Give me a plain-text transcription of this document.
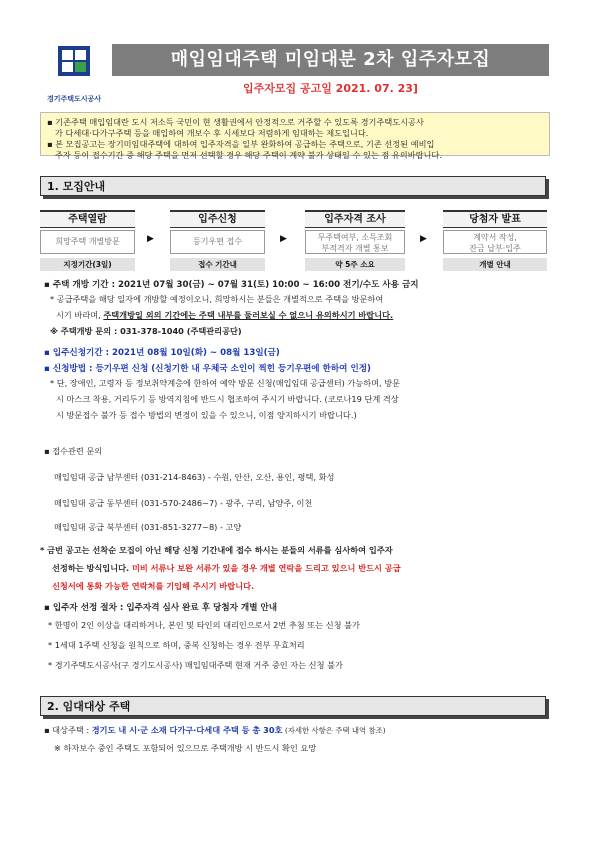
경기주택도시공사
매입임대주택 미임대분 2차 입주자모집
입주자모집 공고일 2021. 07. 23]
▪ 기존주택 매입임대란 도시 저소득 국민이 현 생활권에서 안정적으로 거주할 수 있도록 경기주택도시공사
가 다세대·다가구주택 등을 매입하여 개보수 후 시세보다 저렴하게 임대하는 제도입니다.
▪ 본 모집공고는 장기미임대주택에 대하여 입주자격을 일부 완화하여 공급하는 주택으로, 기존 선정된 예비입
주자 등이 접수기간 중 해당 주택을 먼저 선택할 경우 해당 주택이 계약 불가 상태일 수 있는 점 유의바랍니다.
1. 모집안내
주택열람
희망주택 개별방문
지정기간(3일)
▶
입주신청
등기우편 접수
접수 기간내
▶
입주자격 조사
무주택여부, 소득조회
부적격자 개별 통보
약 5주 소요
▶
당첨자 발표
계약서 작성,
잔금 납부·입주
개별 안내
▪ 주택 개방 기간 : 2021년 07월 30(금) ~ 07월 31(토) 10:00 ~ 16:00 전기/수도 사용 금지
* 공급주택을 해당 일자에 개방할 예정이오니, 희망하시는 분들은 개별적으로 주택을 방문하여
시기 바라며, 주택개방일 외의 기간에는 주택 내부를 둘러보실 수 없으니 유의하시기 바랍니다.
※ 주택개방 문의 : 031-378-1040 (주택관리공단)
▪ 입주신청기간 : 2021년 08월 10일(화) ~ 08월 13일(금)
▪ 신청방법 : 등기우편 신청 (신청기한 내 우체국 소인이 찍힌 등기우편에 한하여 인정)
* 단, 장애인, 고령자 등 정보취약계층에 한하여 예약 방문 신청(매입임대 공급센터) 가능하며, 방문
시 마스크 착용, 거리두기 등 방역지침에 반드시 협조하여 주시기 바랍니다. (코로나19 단계 격상
시 방문접수 불가 등 접수 방법의 변경이 있을 수 있으니, 이점 양지하시기 바랍니다.)
▪ 접수관련 문의
매입임대 공급 남부센터 (031-214-8463) - 수원, 안산, 오산, 용인, 평택, 화성
매입임대 공급 동부센터 (031-570-2486~7) - 광주, 구리, 남양주, 이천
매입임대 공급 북부센터 (031-851-3277~8) - 고양
* 금번 공고는 선착순 모집이 아닌 해당 신청 기간내에 접수 하시는 분들의 서류를 심사하여 입주자
선정하는 방식입니다. 미비 서류나 보완 서류가 있을 경우 개별 연락을 드리고 있으니 반드시 공급
신청서에 통화 가능한 연락처를 기입해 주시기 바랍니다.
▪ 입주자 선정 절차 : 입주자격 심사 완료 후 당첨자 개별 안내
* 한명이 2인 이상을 대리하거나, 본인 및 타인의 대리인으로서 2번 추첨 또는 신청 불가
* 1세대 1주택 신청을 원칙으로 하며, 중복 신청하는 경우 전부 무효처리
* 경기주택도시공사(구 경기도시공사) 매입임대주택 현재 거주 중인 자는 신청 불가
2. 임대대상 주택
▪ 대상주택 : 경기도 내 시·군 소재 다가구·다세대 주택 등 총 30호 (자세한 사항은 주택 내역 참조)
※ 하자보수 중인 주택도 포함되어 있으므로 주택개방 시 반드시 확인 요망
